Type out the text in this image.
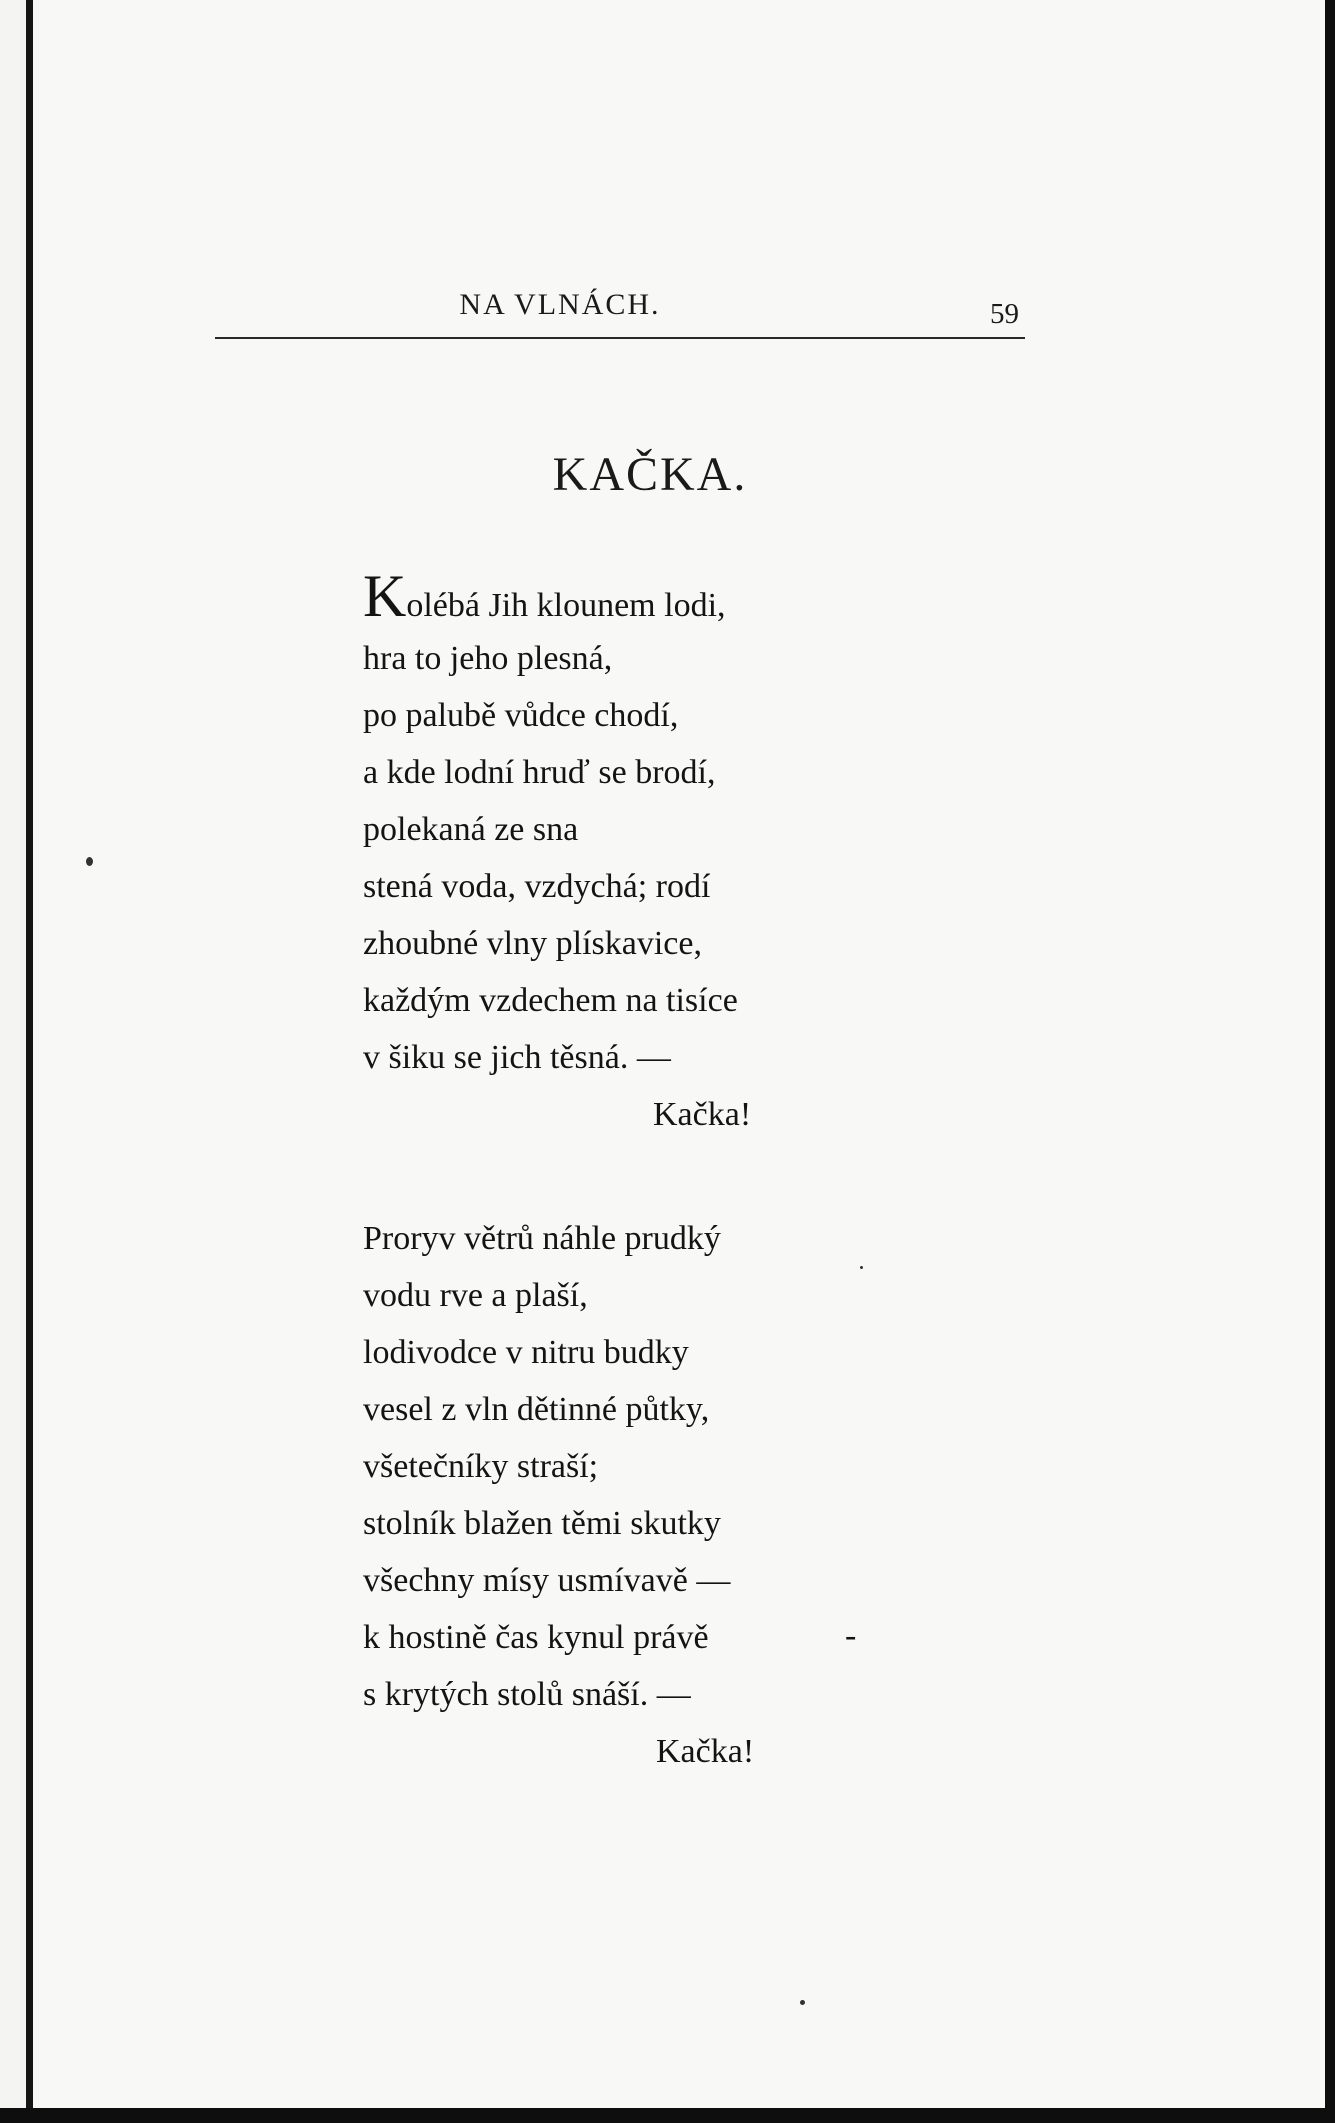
NA VLNÁCH.	59
KAČKA.
Kolébá Jih klounem lodi,
hra to jeho plesná,
po palubě vůdce chodí,
a kde lodní hruď se brodí,
polekaná ze sna
stená voda, vzdychá; rodí
zhoubné vlny plískavice,
každým vzdechem na tisíce
v šiku se jich těsná. —
Kačka!
Proryv větrů náhle prudký
vodu rve a plaší,
lodivodce v nitru budky
vesel z vln dětinné půtky,
všetečníky straší;
stolník blažen těmi skutky
všechny mísy usmívavě —
k hostině čas kynul právě
s krytých stolů snáší. —
Kačka!
-
